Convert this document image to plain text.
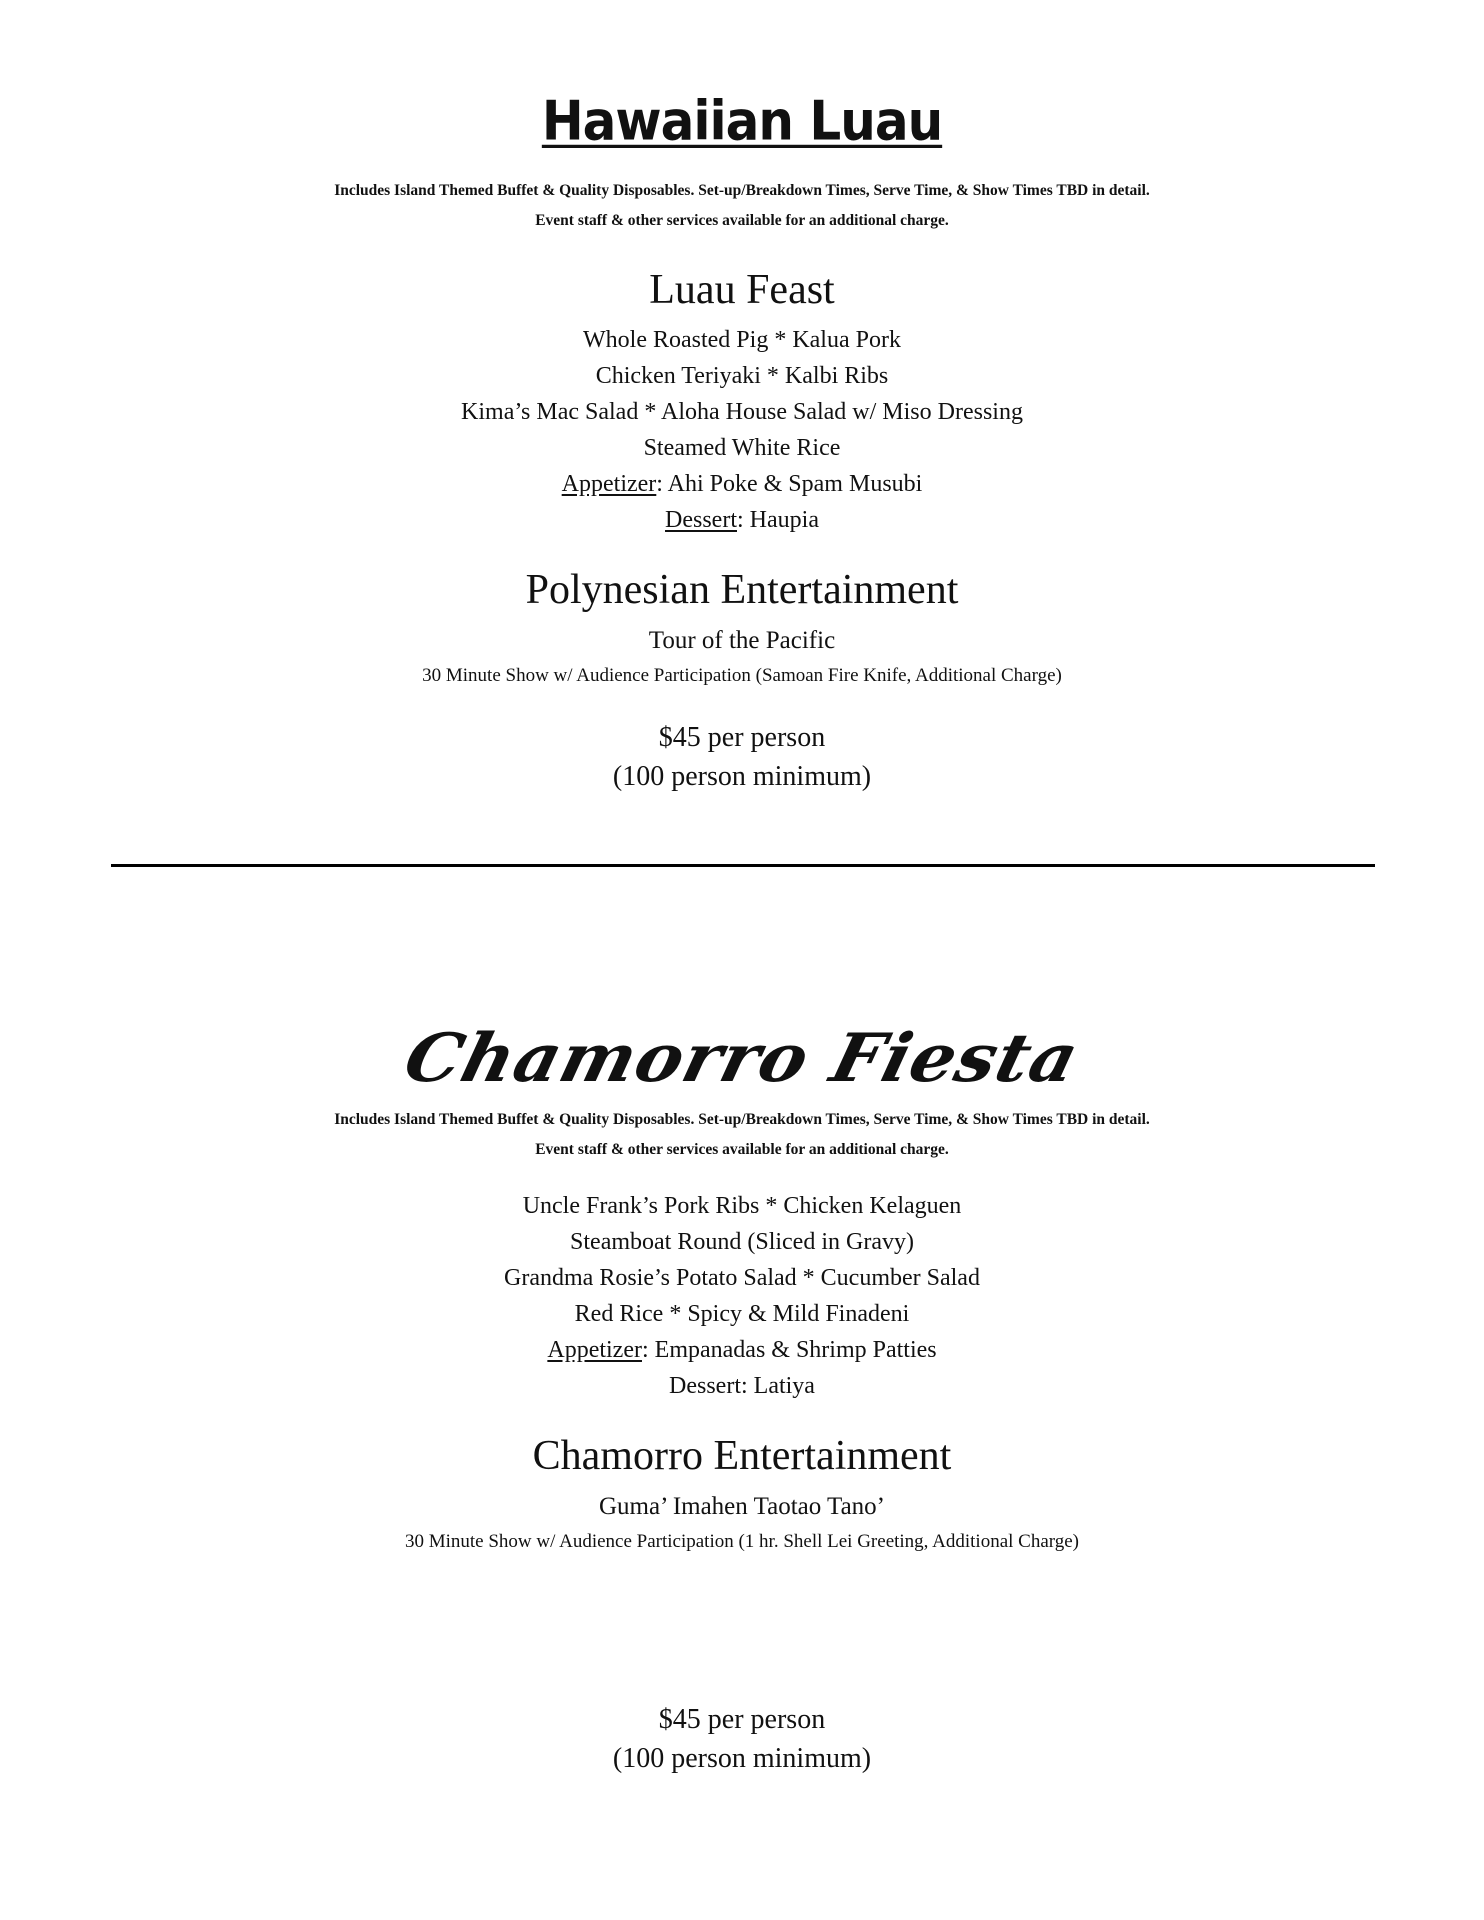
Hawaiian Luau
Includes Island Themed Buffet & Quality Disposables. Set-up/Breakdown Times, Serve Time, & Show Times TBD in detail.
Event staff & other services available for an additional charge.
Luau Feast
Whole Roasted Pig * Kalua Pork
Chicken Teriyaki * Kalbi Ribs
Kima’s Mac Salad * Aloha House Salad w/ Miso Dressing
Steamed White Rice
Appetizer: Ahi Poke & Spam Musubi
Dessert: Haupia
Polynesian Entertainment
Tour of the Pacific
30 Minute Show w/ Audience Participation (Samoan Fire Knife, Additional Charge)
$45 per person
(100 person minimum)
Chamorro Fiesta
Includes Island Themed Buffet & Quality Disposables. Set-up/Breakdown Times, Serve Time, & Show Times TBD in detail.
Event staff & other services available for an additional charge.
Uncle Frank’s Pork Ribs * Chicken Kelaguen
Steamboat Round (Sliced in Gravy)
Grandma Rosie’s Potato Salad * Cucumber Salad
Red Rice * Spicy & Mild Finadeni
Appetizer: Empanadas & Shrimp Patties
Dessert: Latiya
Chamorro Entertainment
Guma’ Imahen Taotao Tano’
30 Minute Show w/ Audience Participation (1 hr. Shell Lei Greeting, Additional Charge)
$45 per person
(100 person minimum)
